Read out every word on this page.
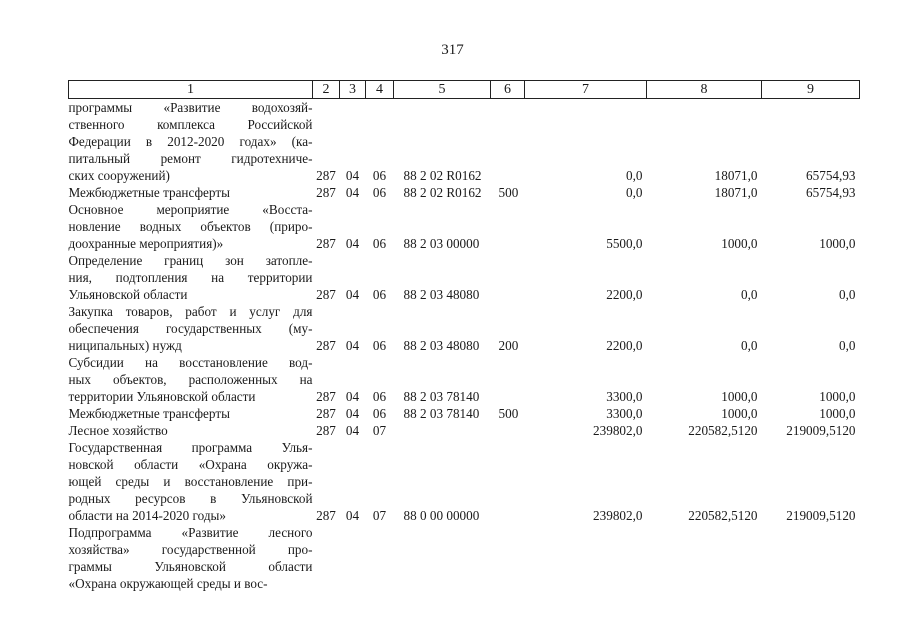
317
1	2	3	4	5	6	7	8	9

программы «Развитие водохозяй-
ственного комплекса Российской
Федерации в 2012-2020 годах» (ка-
питальный ремонт гидротехниче-
ских сооружений)	287	04	06	88 2 02 R0162		0,0	18071,0	65754,93

Межбюджетные трансферты	287	04	06	88 2 02 R0162	500	0,0	18071,0	65754,93

Основное мероприятие «Восста-
новление водных объектов (приро-
доохранные мероприятия)»	287	04	06	88 2 03 00000		5500,0	1000,0	1000,0

Определение границ зон затопле-
ния, подтопления на территории
Ульяновской области	287	04	06	88 2 03 48080		2200,0	0,0	0,0

Закупка товаров, работ и услуг для
обеспечения государственных (му-
ниципальных) нужд	287	04	06	88 2 03 48080	200	2200,0	0,0	0,0

Субсидии на восстановление вод-
ных объектов, расположенных на
территории Ульяновской области	287	04	06	88 2 03 78140		3300,0	1000,0	1000,0

Межбюджетные трансферты	287	04	06	88 2 03 78140	500	3300,0	1000,0	1000,0

Лесное хозяйство	287	04	07			239802,0	220582,5120	219009,5120

Государственная программа Улья-
новской области «Охрана окружа-
ющей среды и восстановление при-
родных ресурсов в Ульяновской
области на 2014-2020 годы»	287	04	07	88 0 00 00000		239802,0	220582,5120	219009,5120

Подпрограмма «Развитие лесного
хозяйства» государственной про-
граммы Ульяновской области
«Охрана окружающей среды и вос-								
